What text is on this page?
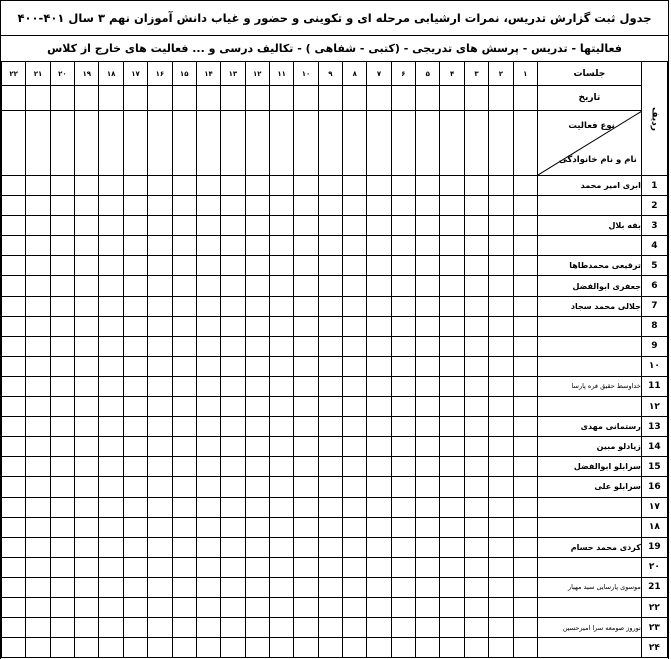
جدول ثبت گزارش تدریس، نمرات ارشیابی مرحله ای و تکوینی و حضور و غیاب دانش آموزان نهم ۳ سال ۴۰۱-۴۰۰
فعالیتها - تدریس - پرسش های تدریجی - (کتبی - شفاهی ) - تکالیف درسی و ... فعالیت های خارج از کلاس
۲۲	۲۱	۲۰	۱۹	۱۸	۱۷	۱۶	۱۵	۱۴	۱۳	۱۲	۱۱	۱۰	۹	۸	۷	۶	۵	۴	۳	۲	۱	جلسات	ردیف

																						تاریخ	

																						نوع فعالیت
نام و نام خانوادگی	

																						ابری امیر محمد	1
																							2
																						بفه بلال	3
																							4
																						ترقیعی محمدطاها	5
																						جعفری ابوالفضل	6
																						جلالی محمد سجاد	7
																							8
																							9
																							۱۰
																						خداوسط حقیق فره پارسا	11
																							۱۲
																						رستمانی مهدی	13
																						زیادلو مبین	14
																						سرابلو ابوالفضل	15
																						سرابلو علی	16
																							۱۷
																							۱۸
																						کردی محمد حسام	19
																							۲۰
																						موسوی پارسایی سید مهیار	21
																							۲۲
																						نوروز صومعه سرا امیرحسین	۲۳
																							۲۴
